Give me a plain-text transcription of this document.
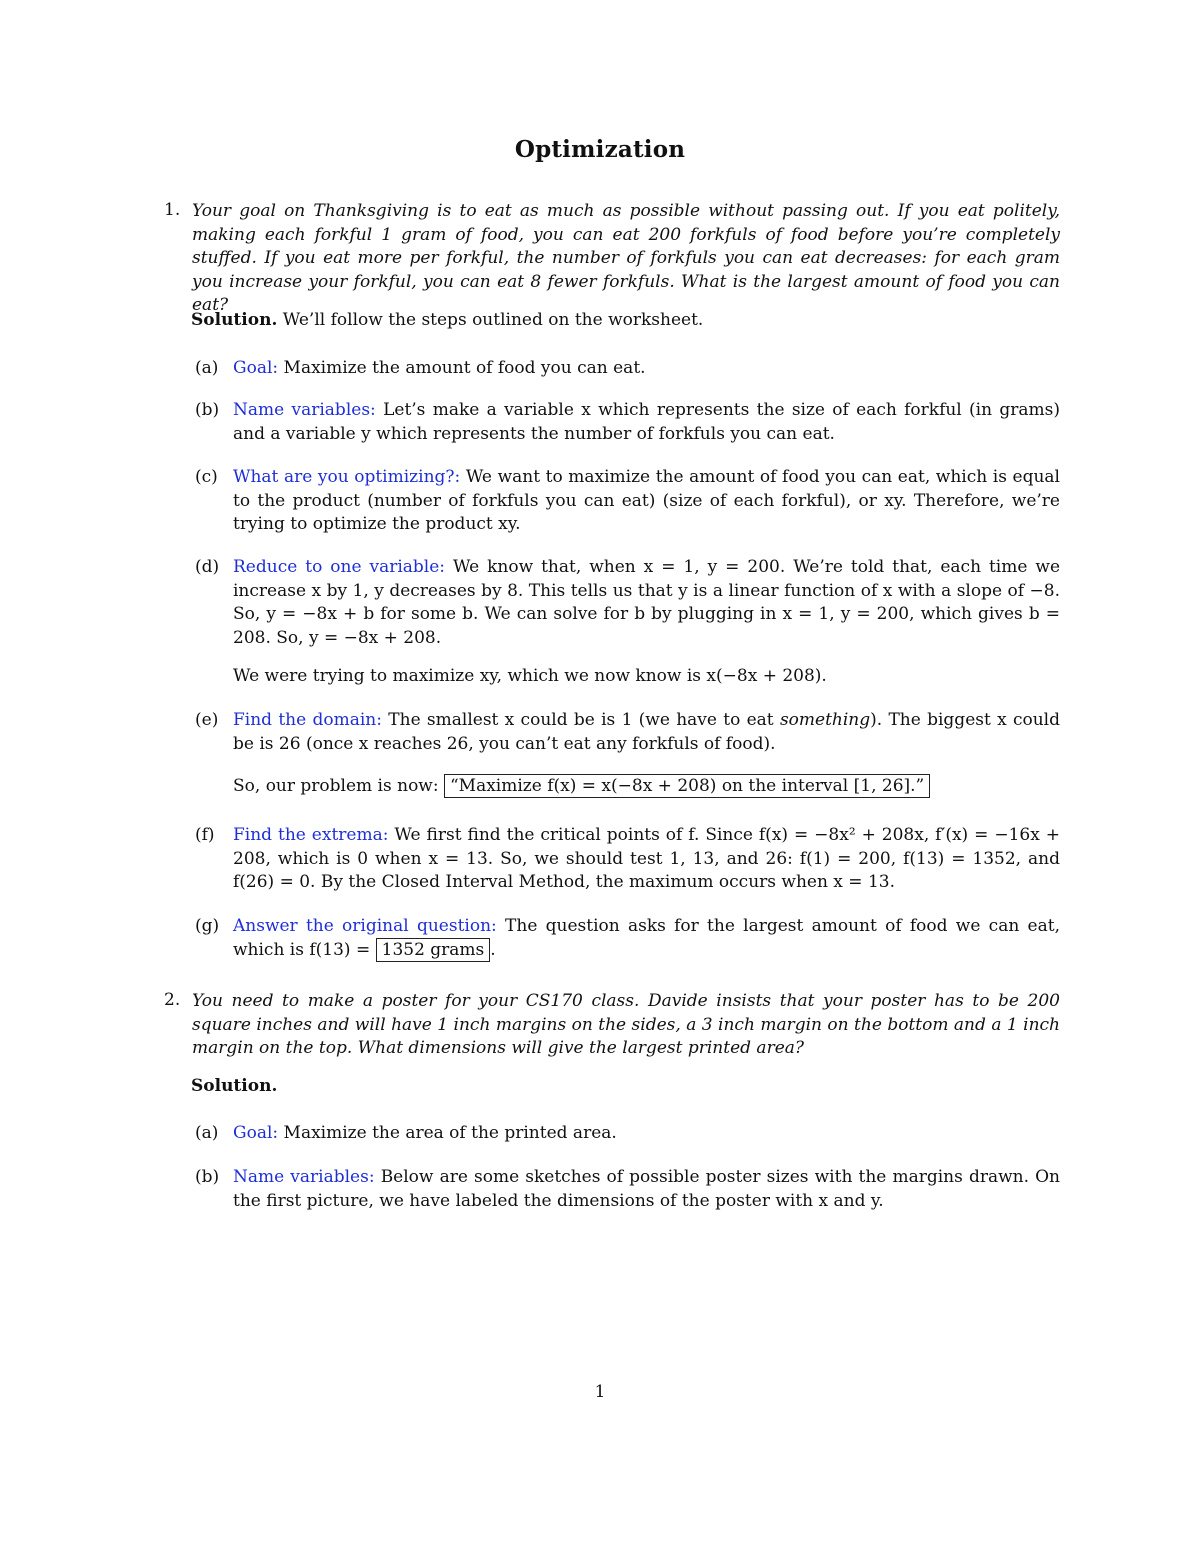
Optimization
1. Your goal on Thanksgiving is to eat as much as possible without passing out. If you eat politely, making each forkful 1 gram of food, you can eat 200 forkfuls of food before you’re completely stuffed. If you eat more per forkful, the number of forkfuls you can eat decreases: for each gram you increase your forkful, you can eat 8 fewer forkfuls. What is the largest amount of food you can eat?
Solution. We’ll follow the steps outlined on the worksheet.
(a) Goal: Maximize the amount of food you can eat.
(b) Name variables: Let’s make a variable x which represents the size of each forkful (in grams) and a variable y which represents the number of forkfuls you can eat.
(c) What are you optimizing?: We want to maximize the amount of food you can eat, which is equal to the product (number of forkfuls you can eat) (size of each forkful), or xy. Therefore, we’re trying to optimize the product xy.
(d) Reduce to one variable: We know that, when x = 1, y = 200. We’re told that, each time we increase x by 1, y decreases by 8. This tells us that y is a linear function of x with a slope of −8. So, y = −8x + b for some b. We can solve for b by plugging in x = 1, y = 200, which gives b = 208. So, y = −8x + 208.
We were trying to maximize xy, which we now know is x(−8x + 208).
(e) Find the domain: The smallest x could be is 1 (we have to eat something). The biggest x could be is 26 (once x reaches 26, you can’t eat any forkfuls of food).
So, our problem is now: “Maximize f(x) = x(−8x + 208) on the interval [1, 26].”
(f)	Find the extrema: We first find the critical points of f. Since f(x) = −8x² + 208x, f′(x) = −16x + 208, which is 0 when x = 13. So, we should test 1, 13, and 26: f(1) = 200, f(13) = 1352, and f(26) = 0. By the Closed Interval Method, the maximum occurs when x = 13.
(g) Answer the original question: The question asks for the largest amount of food we can eat, which is f(13) = 1352 grams .
2. You need to make a poster for your CS170 class. Davide insists that your poster has to be 200 square inches and will have 1 inch margins on the sides, a 3 inch margin on the bottom and a 1 inch margin on the top. What dimensions will give the largest printed area?
Solution.
(a) Goal: Maximize the area of the printed area.
(b) Name variables: Below are some sketches of possible poster sizes with the margins drawn. On the first picture, we have labeled the dimensions of the poster with x and y.
1
